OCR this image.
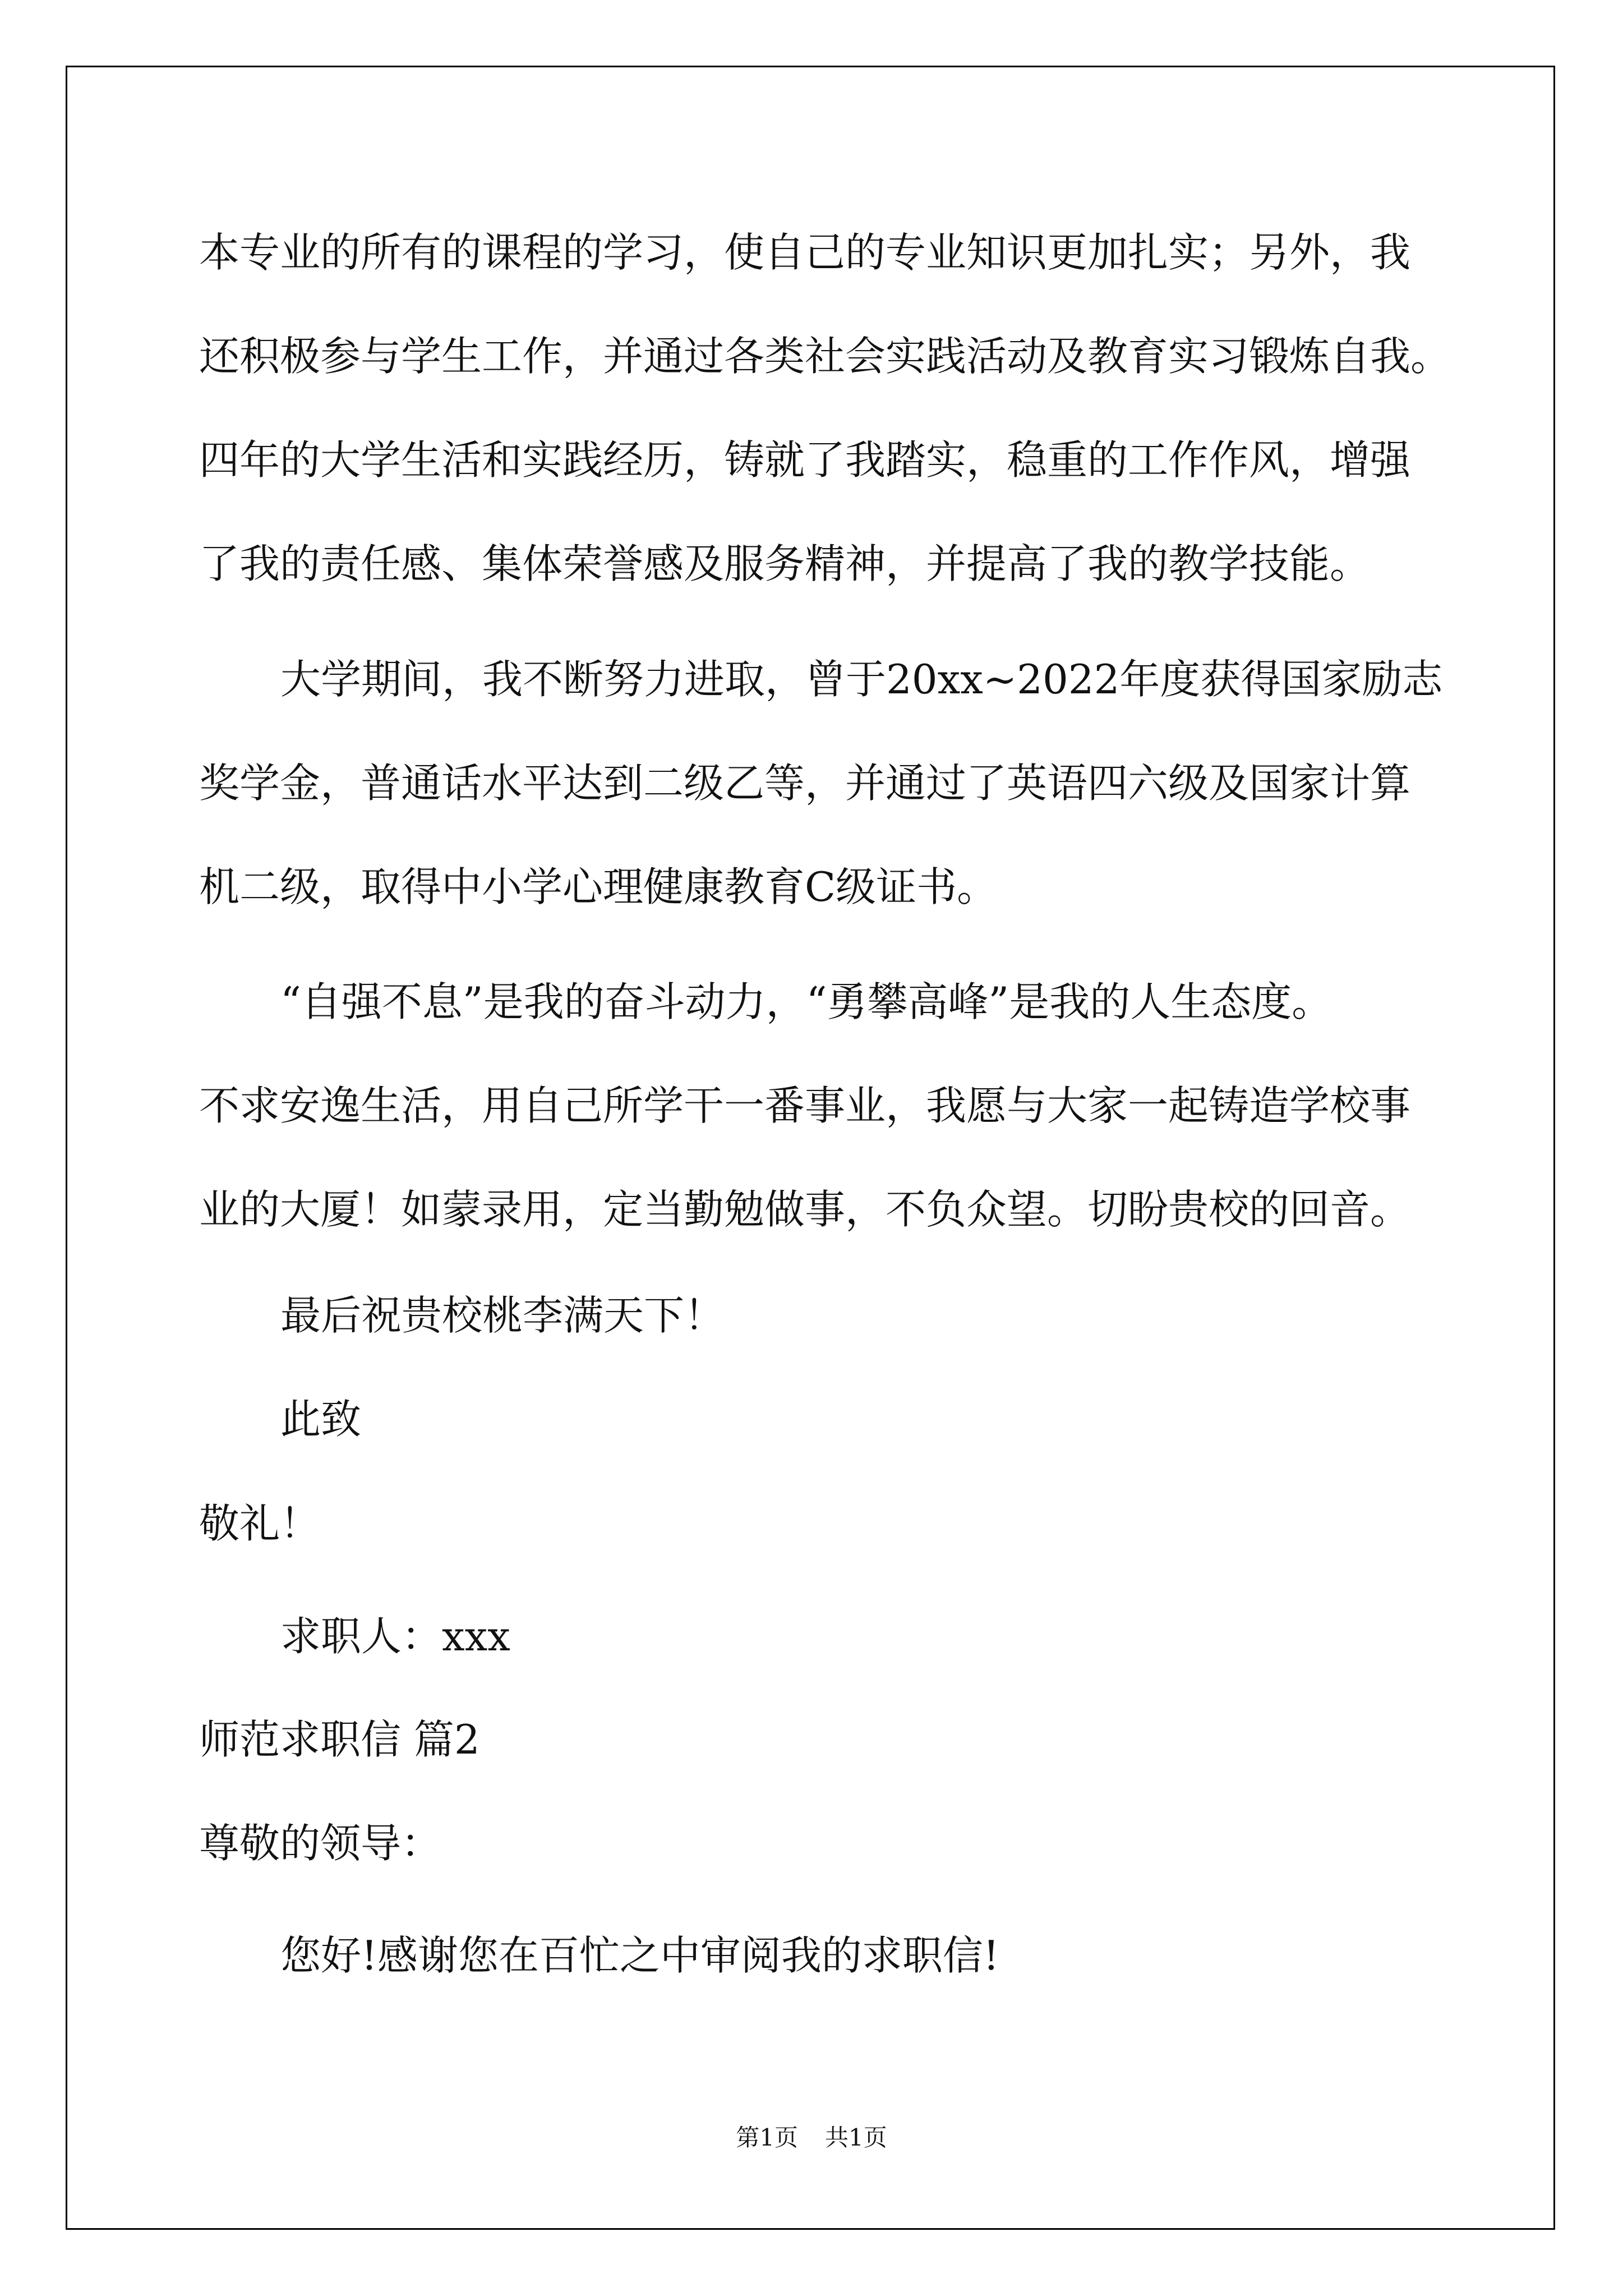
本专业的所有的课程的学习，使自己的专业知识更加扎实；另外，我
还积极参与学生工作，并通过各类社会实践活动及教育实习锻炼自我。
四年的大学生活和实践经历，铸就了我踏实，稳重的工作作风，增强
了我的责任感、集体荣誉感及服务精神，并提高了我的教学技能。
大学期间，我不断努力进取，曾于20xx~2022年度获得国家励志
奖学金，普通话水平达到二级乙等，并通过了英语四六级及国家计算
机二级，取得中小学心理健康教育C级证书。
“自强不息”是我的奋斗动力，“勇攀高峰”是我的人生态度。
不求安逸生活，用自己所学干一番事业，我愿与大家一起铸造学校事
业的大厦！如蒙录用，定当勤勉做事，不负众望。切盼贵校的回音。
最后祝贵校桃李满天下！
此致
敬礼！
求职人：xxx
师范求职信 篇2
尊敬的领导：
您好!感谢您在百忙之中审阅我的求职信!
第1页 共1页
